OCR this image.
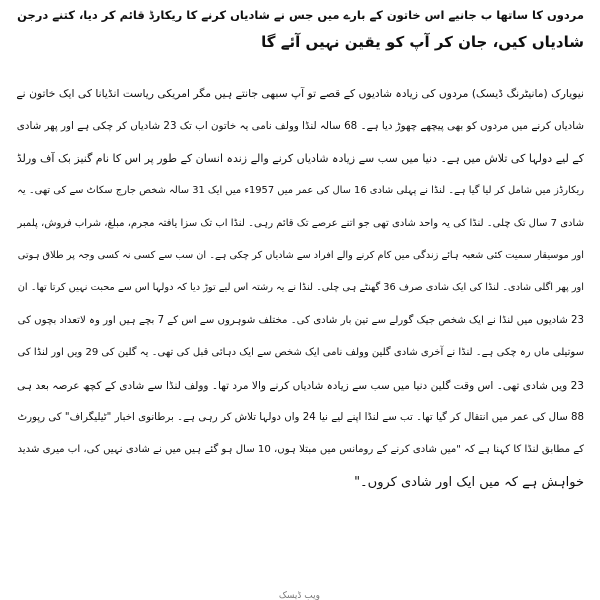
مردوں کا ساتھا ب جانیے اس خاتون کے بارے میں جس نے شادیاں کرنے کا ریکارڈ قائم کر دیا، کتنے درجن
شادیاں کیں، جان کر آپ کو یقین نہیں آئے گا
نیویارک (مانیٹرنگ ڈیسک) مردوں کی زیادہ شادیوں کے قصے تو آپ سبھی جانتے ہیں مگر امریکی ریاست انڈیانا کی ایک خاتون نے
شادیاں کرنے میں مردوں کو بھی پیچھے چھوڑ دیا ہے۔ 68 سالہ لنڈا وولف نامی یہ خاتون اب تک 23 شادیاں کر چکی ہے اور پھر شادی
کے لیے دولہا کی تلاش میں ہے۔ دنیا میں سب سے زیادہ شادیاں کرنے والے زندہ انسان کے طور پر اس کا نام گنیز بک آف ورلڈ
ریکارڈز میں شامل کر لیا گیا ہے۔ لنڈا نے پہلی شادی 16 سال کی عمر میں 1957ء میں ایک 31 سالہ شخص جارج سکاٹ سے کی تھی۔ یہ
شادی 7 سال تک چلی۔ لنڈا کی یہ واحد شادی تھی جو اتنے عرصے تک قائم رہی۔ لنڈا اب تک سزا یافتہ مجرم، مبلغ، شراب فروش، پلمبر
اور موسیقار سمیت کئی شعبہ ہائے زندگی میں کام کرنے والے افراد سے شادیاں کر چکی ہے۔ ان سب سے کسی نہ کسی وجہ پر طلاق ہوتی
اور پھر اگلی شادی۔ لنڈا کی ایک شادی صرف 36 گھنٹے ہی چلی۔ لنڈا نے یہ رشتہ اس لیے توڑ دیا کہ دولہا اس سے محبت نہیں کرتا تھا۔ ان
23 شادیوں میں لنڈا نے ایک شخص جیک گورلے سے تین بار شادی کی۔ مختلف شوہروں سے اس کے 7 بچے ہیں اور وہ لاتعداد بچوں کی
سوتیلی ماں رہ چکی ہے۔ لنڈا نے آخری شادی گلین وولف نامی ایک شخص سے ایک دہائی قبل کی تھی۔ یہ گلین کی 29 ویں اور لنڈا کی
23 ویں شادی تھی۔ اس وقت گلین دنیا میں سب سے زیادہ شادیاں کرنے والا مرد تھا۔ وولف لنڈا سے شادی کے کچھ عرصہ بعد ہی
88 سال کی عمر میں انتقال کر گیا تھا۔ تب سے لنڈا اپنے لیے نیا 24 واں دولہا تلاش کر رہی ہے۔ برطانوی اخبار "ٹیلیگراف" کی رپورٹ
کے مطابق لنڈا کا کہنا ہے کہ "میں شادی کرنے کے رومانس میں مبتلا ہوں، 10 سال ہو گئے ہیں میں نے شادی نہیں کی، اب میری شدید
خواہش ہے کہ میں ایک اور شادی کروں۔"
ویب ڈیسک
